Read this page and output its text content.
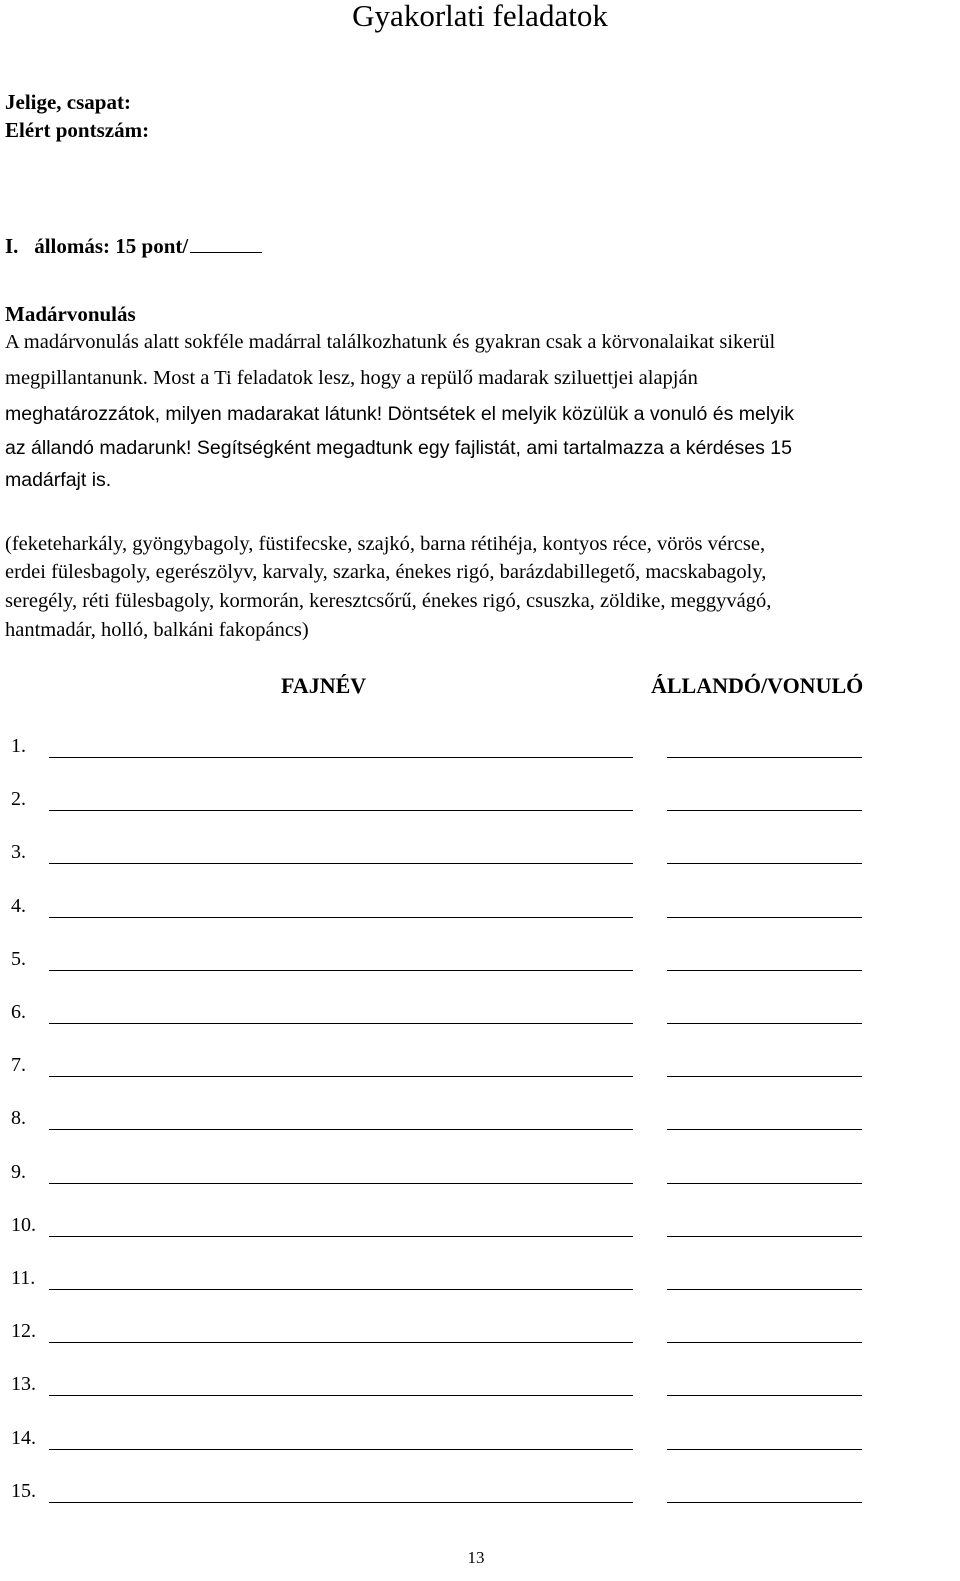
Gyakorlati feladatok
Jelige, csapat:
Elért pontszám:
I. állomás: 15 pont/
Madárvonulás
A madárvonulás alatt sokféle madárral találkozhatunk és gyakran csak a körvonalaikat sikerül
megpillantanunk. Most a Ti feladatok lesz, hogy a repülő madarak sziluettjei alapján
meghatározzátok, milyen madarakat látunk! Döntsétek el melyik közülük a vonuló és melyik
az állandó madarunk! Segítségként megadtunk egy fajlistát, ami tartalmazza a kérdéses 15
madárfajt is.
(feketeharkály, gyöngybagoly, füstifecske, szajkó, barna rétihéja, kontyos réce, vörös vércse,
erdei fülesbagoly, egerészölyv, karvaly, szarka, énekes rigó, barázdabillegető, macskabagoly,
seregély, réti fülesbagoly, kormorán, keresztcsőrű, énekes rigó, csuszka, zöldike, meggyvágó,
hantmadár, holló, balkáni fakopáncs)
FAJNÉV	ÁLLANDÓ/VONULÓ
1.
2.
3.
4.
5.
6.
7.
8.
9.
10.
11.
12.
13.
14.
15.
13
